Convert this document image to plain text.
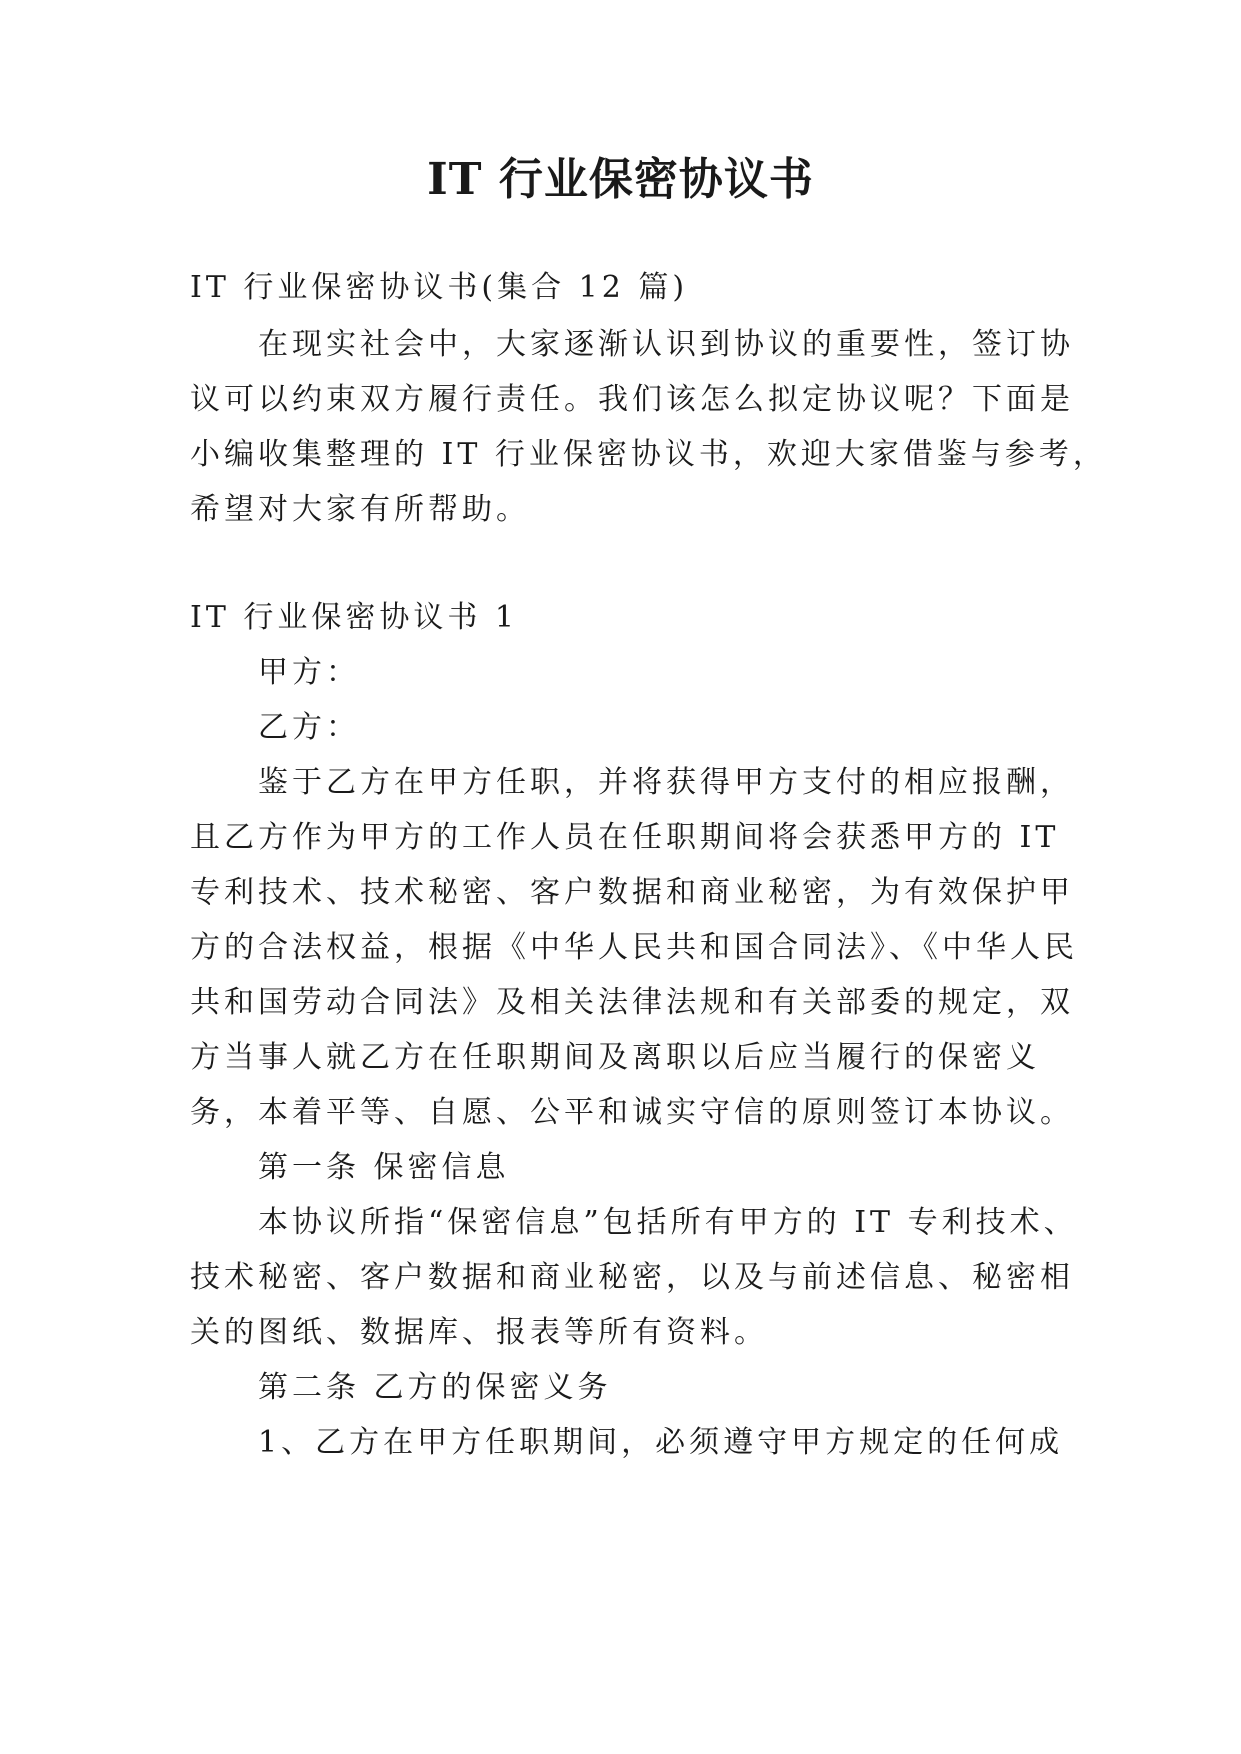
IT 行业保密协议书

IT 行业保密协议书(集合 12 篇)

在现实社会中，大家逐渐认识到协议的重要性，签订协

议可以约束双方履行责任。我们该怎么拟定协议呢？下面是

小编收集整理的 IT 行业保密协议书，欢迎大家借鉴与参考，

希望对大家有所帮助。

IT 行业保密协议书 1

甲方：

乙方：

鉴于乙方在甲方任职，并将获得甲方支付的相应报酬，

且乙方作为甲方的工作人员在任职期间将会获悉甲方的 IT

专利技术、技术秘密、客户数据和商业秘密，为有效保护甲

方的合法权益，根据《中华人民共和国合同法》、《中华人民

共和国劳动合同法》及相关法律法规和有关部委的规定，双

方当事人就乙方在任职期间及离职以后应当履行的保密义

务，本着平等、自愿、公平和诚实守信的原则签订本协议。

第一条 保密信息

本协议所指“保密信息”包括所有甲方的 IT 专利技术、

技术秘密、客户数据和商业秘密，以及与前述信息、秘密相

关的图纸、数据库、报表等所有资料。

第二条 乙方的保密义务

1、乙方在甲方任职期间，必须遵守甲方规定的任何成
